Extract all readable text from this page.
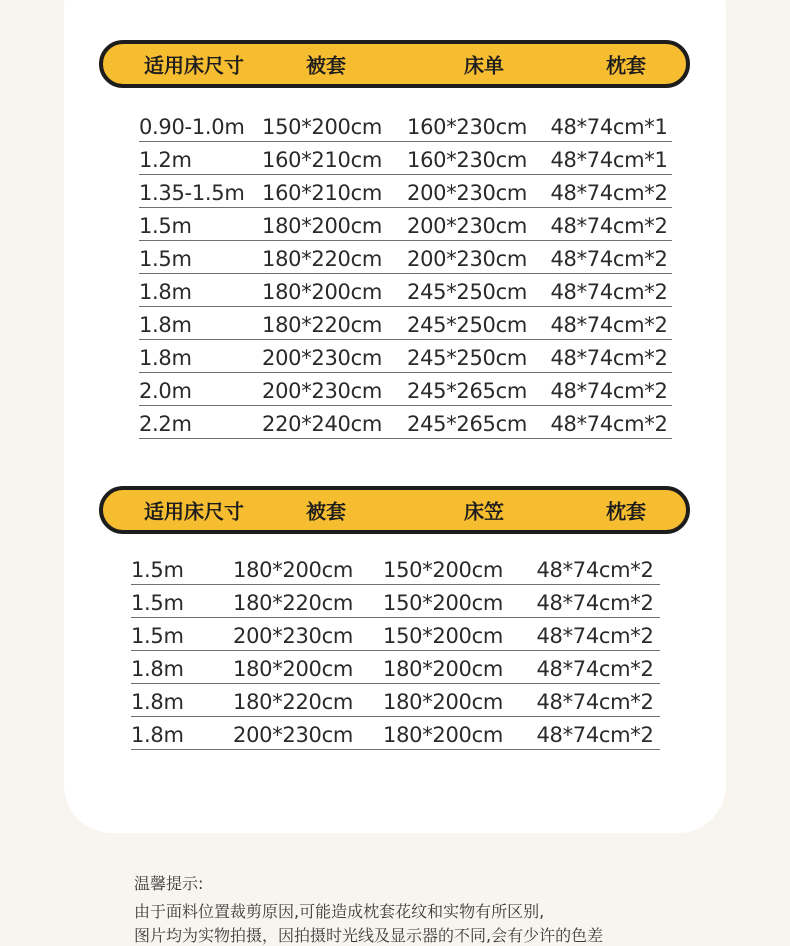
适用床尺寸	被套	床单	枕套
0.90-1.0m 150*200cm 160*230cm 48*74cm*1
1.2m	160*210cm 160*230cm 48*74cm*1
1.35-1.5m 160*210cm 200*230cm 48*74cm*2
1.5m	180*200cm 200*230cm 48*74cm*2
1.5m	180*220cm 200*230cm 48*74cm*2
1.8m	180*200cm 245*250cm 48*74cm*2
1.8m	180*220cm 245*250cm 48*74cm*2
1.8m	200*230cm 245*250cm 48*74cm*2
2.0m	200*230cm 245*265cm 48*74cm*2
2.2m	220*240cm 245*265cm 48*74cm*2
适用床尺寸	被套	床笠	枕套
1.5m 180*200cm 150*200cm 48*74cm*2
1.5m 180*220cm 150*200cm 48*74cm*2
1.5m 200*230cm 150*200cm 48*74cm*2
1.8m 180*200cm 180*200cm 48*74cm*2
1.8m 180*220cm 180*200cm 48*74cm*2
1.8m 200*230cm 180*200cm 48*74cm*2
温馨提示:
由于面料位置裁剪原因,可能造成枕套花纹和实物有所区别,
图片均为实物拍摄，因拍摄时光线及显示器的不同,会有少许的色差
